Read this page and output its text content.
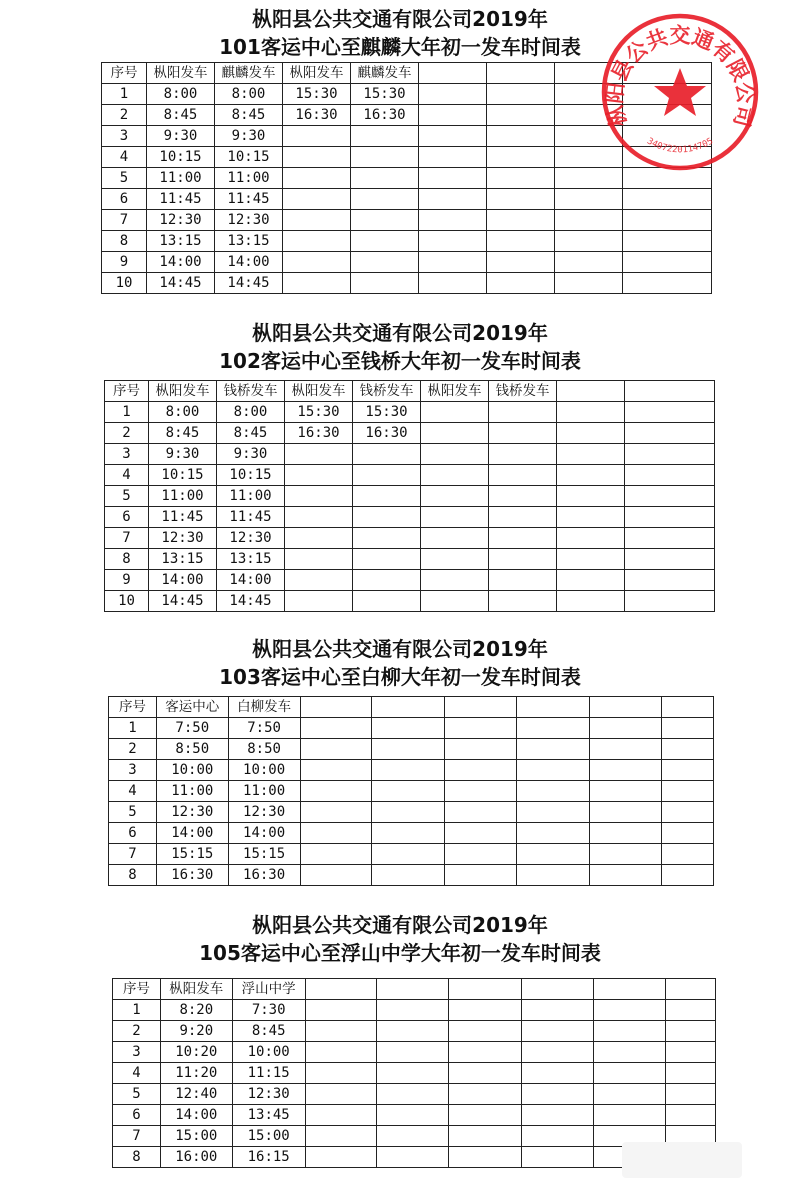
枞阳县公共交通有限公司2019年
101客运中心至麒麟大年初一发车时间表
序号	枞阳发车	麒麟发车	枞阳发车	麒麟发车				
1	8:00	8:00	15:30	15:30				
2	8:45	8:45	16:30	16:30				
3	9:30	9:30						
4	10:15	10:15						
5	11:00	11:00						
6	11:45	11:45						
7	12:30	12:30						
8	13:15	13:15						
9	14:00	14:00						
10	14:45	14:45						
枞阳县公共交通有限公司2019年
102客运中心至钱桥大年初一发车时间表
序号	枞阳发车	钱桥发车	枞阳发车	钱桥发车	枞阳发车	钱桥发车		
1	8:00	8:00	15:30	15:30				
2	8:45	8:45	16:30	16:30				
3	9:30	9:30						
4	10:15	10:15						
5	11:00	11:00						
6	11:45	11:45						
7	12:30	12:30						
8	13:15	13:15						
9	14:00	14:00						
10	14:45	14:45						
枞阳县公共交通有限公司2019年
103客运中心至白柳大年初一发车时间表
序号	客运中心	白柳发车						
1	7:50	7:50						
2	8:50	8:50						
3	10:00	10:00						
4	11:00	11:00						
5	12:30	12:30						
6	14:00	14:00						
7	15:15	15:15						
8	16:30	16:30						
枞阳县公共交通有限公司2019年
105客运中心至浮山中学大年初一发车时间表
序号	枞阳发车	浮山中学						
1	8:20	7:30						
2	9:20	8:45						
3	10:20	10:00						
4	11:20	11:15						
5	12:40	12:30						
6	14:00	13:45						
7	15:00	15:00						
8	16:00	16:15						
枞阳县公共交通有限公司
3407220114705
